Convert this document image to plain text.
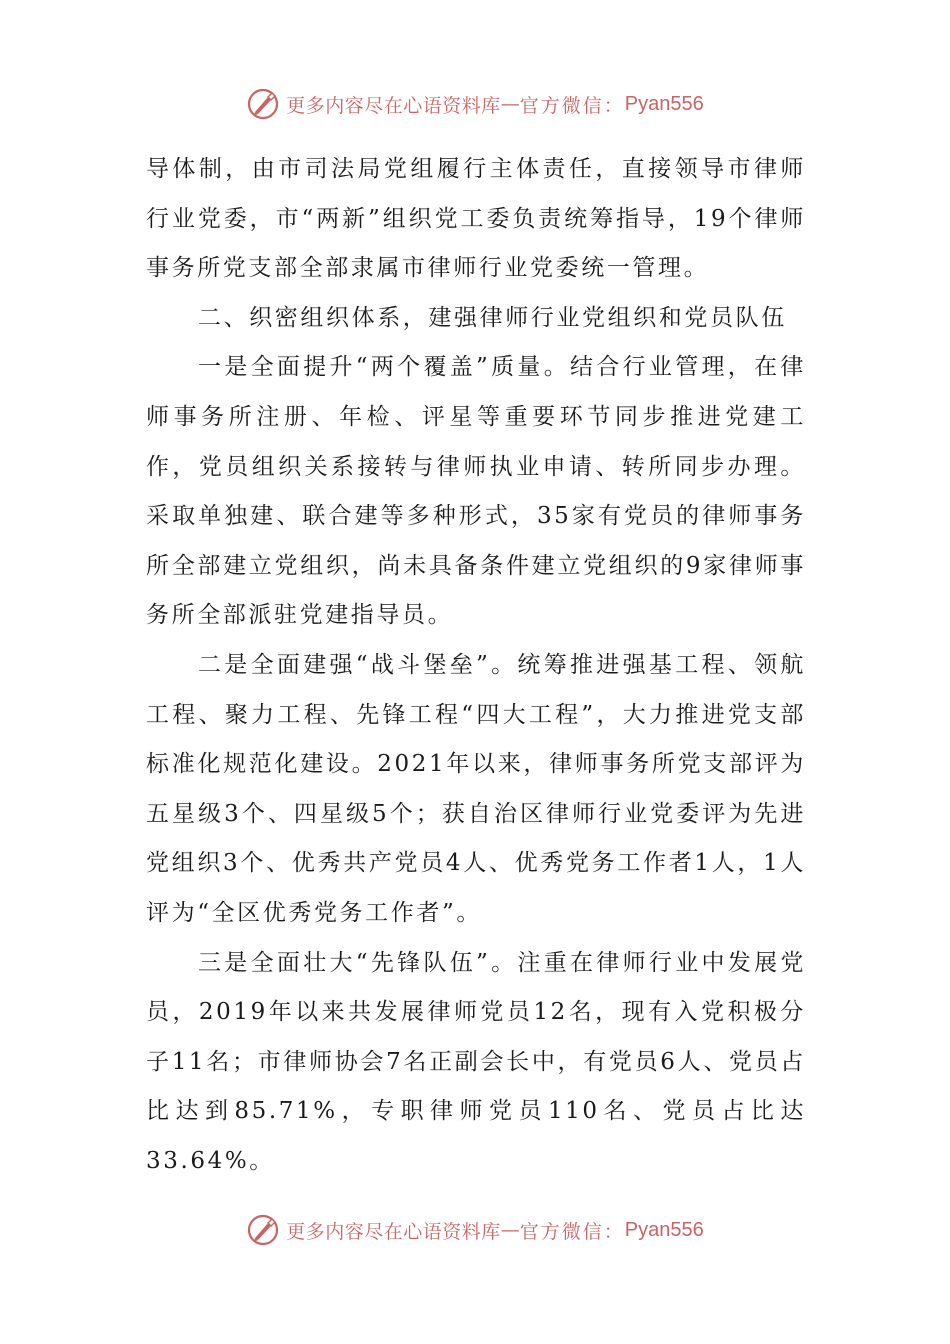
更多内容尽在心语资料库 — 官方微信： Pyan556

导体制，由市司法局党组履行主体责任，直接领导市律师行业党委，市“两新”组织党工委负责统筹指导，19个律师事务所党支部全部隶属市律师行业党委统一管理。

二、织密组织体系，建强律师行业党组织和党员队伍

一是全面提升“两个覆盖”质量。结合行业管理，在律师事务所注册、年检、评星等重要环节同步推进党建工作，党员组织关系接转与律师执业申请、转所同步办理。采取单独建、联合建等多种形式，35家有党员的律师事务所全部建立党组织，尚未具备条件建立党组织的9家律师事务所全部派驻党建指导员。

二是全面建强“战斗堡垒”。统筹推进强基工程、领航工程、聚力工程、先锋工程“四大工程”，大力推进党支部标准化规范化建设。2021年以来，律师事务所党支部评为五星级3个、四星级5个；获自治区律师行业党委评为先进党组织3个、优秀共产党员4人、优秀党务工作者1人，1人评为“全区优秀党务工作者”。

三是全面壮大“先锋队伍”。注重在律师行业中发展党员，2019年以来共发展律师党员12名，现有入党积极分子11名；市律师协会7名正副会长中，有党员6人、党员占比达到85.71%，专职律师党员110名、党员占比达33.64%。

更多内容尽在心语资料库 — 官方微信： Pyan556
